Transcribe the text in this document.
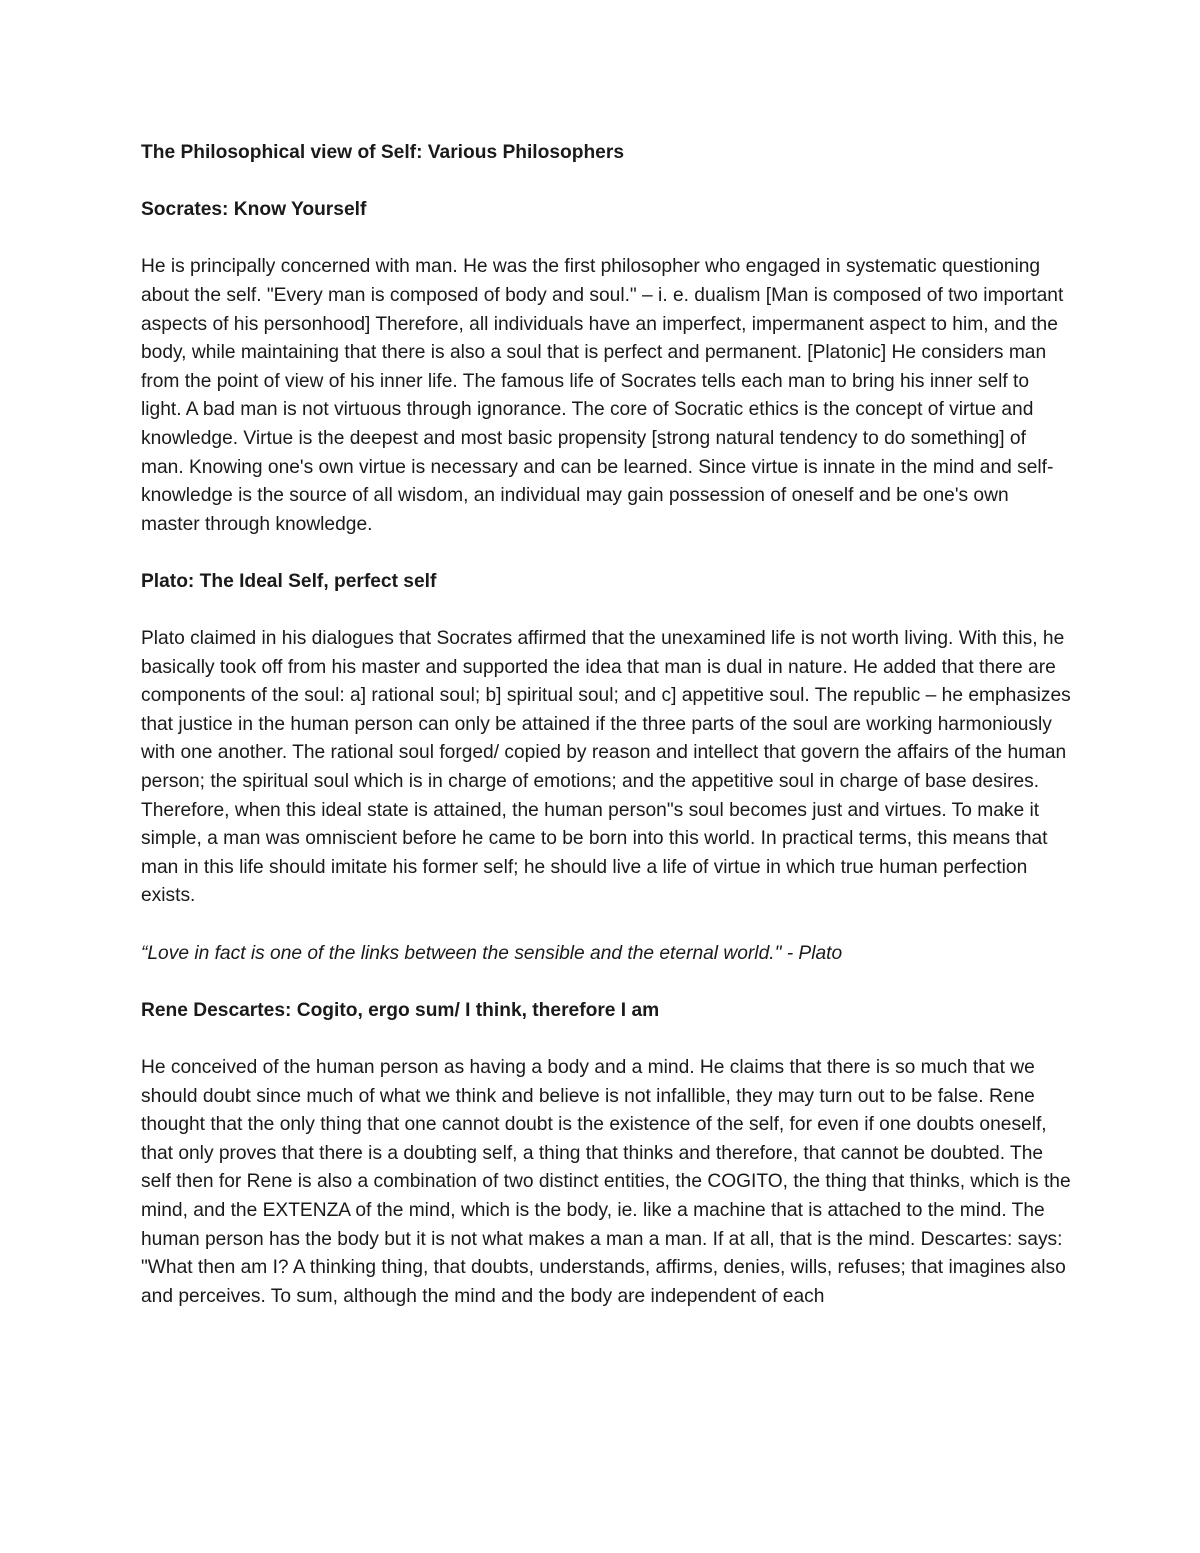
The Philosophical view of Self: Various Philosophers
Socrates: Know Yourself

He is principally concerned with man. He was the first philosopher who engaged in systematic questioning about the self. "Every man is composed of body and soul." – i. e. dualism [Man is composed of two important aspects of his personhood] Therefore, all individuals have an imperfect, impermanent aspect to him, and the body, while maintaining that there is also a soul that is perfect and permanent. [Platonic] He considers man from the point of view of his inner life. The famous life of Socrates tells each man to bring his inner self to light. A bad man is not virtuous through ignorance. The core of Socratic ethics is the concept of virtue and knowledge. Virtue is the deepest and most basic propensity [strong natural tendency to do something] of man. Knowing one's own virtue is necessary and can be learned. Since virtue is innate in the mind and self-knowledge is the source of all wisdom, an individual may gain possession of oneself and be one's own master through knowledge.

Plato: The Ideal Self, perfect self

Plato claimed in his dialogues that Socrates affirmed that the unexamined life is not worth living. With this, he basically took off from his master and supported the idea that man is dual in nature. He added that there are components of the soul: a] rational soul; b] spiritual soul; and c] appetitive soul. The republic – he emphasizes that justice in the human person can only be attained if the three parts of the soul are working harmoniously with one another. The rational soul forged/ copied by reason and intellect that govern the affairs of the human person; the spiritual soul which is in charge of emotions; and the appetitive soul in charge of base desires. Therefore, when this ideal state is attained, the human person"s soul becomes just and virtues. To make it simple, a man was omniscient before he came to be born into this world. In practical terms, this means that man in this life should imitate his former self; he should live a life of virtue in which true human perfection exists.

“Love in fact is one of the links between the sensible and the eternal world." - Plato

Rene Descartes: Cogito, ergo sum/ I think, therefore I am

He conceived of the human person as having a body and a mind. He claims that there is so much that we should doubt since much of what we think and believe is not infallible, they may turn out to be false. Rene thought that the only thing that one cannot doubt is the existence of the self, for even if one doubts oneself, that only proves that there is a doubting self, a thing that thinks and therefore, that cannot be doubted. The self then for Rene is also a combination of two distinct entities, the COGITO, the thing that thinks, which is the mind, and the EXTENZA of the mind, which is the body, ie. like a machine that is attached to the mind. The human person has the body but it is not what makes a man a man. If at all, that is the mind. Descartes: says: "What then am I? A thinking thing, that doubts, understands, affirms, denies, wills, refuses; that imagines also and perceives. To sum, although the mind and the body are independent of each
